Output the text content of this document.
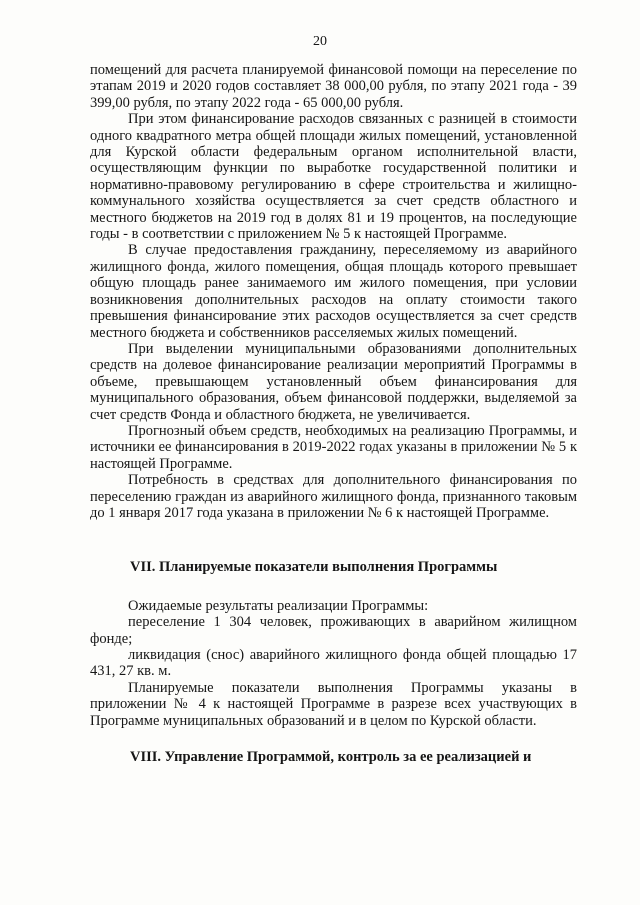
20

помещений для расчета планируемой финансовой помощи на переселение по этапам 2019 и 2020 годов составляет 38 000,00 рубля, по этапу 2021 года - 39 399,00 рубля, по этапу 2022 года - 65 000,00 рубля.

При этом финансирование расходов связанных с разницей в стоимости одного квадратного метра общей площади жилых помещений, установленной для Курской области федеральным органом исполнительной власти, осуществляющим функции по выработке государственной политики и нормативно-правовому регулированию в сфере строительства и жилищно-коммунального хозяйства осуществляется за счет средств областного и местного бюджетов на 2019 год в долях 81 и 19 процентов, на последующие годы - в соответствии с приложением № 5 к настоящей Программе.

В случае предоставления гражданину, переселяемому из аварийного жилищного фонда, жилого помещения, общая площадь которого превышает общую площадь ранее занимаемого им жилого помещения, при условии возникновения дополнительных расходов на оплату стоимости такого превышения финансирование этих расходов осуществляется за счет средств местного бюджета и собственников расселяемых жилых помещений.

При выделении муниципальными образованиями дополнительных средств на долевое финансирование реализации мероприятий Программы в объеме, превышающем установленный объем финансирования для муниципального образования, объем финансовой поддержки, выделяемой за счет средств Фонда и областного бюджета, не увеличивается.

Прогнозный объем средств, необходимых на реализацию Программы, и источники ее финансирования в 2019-2022 годах указаны в приложении № 5 к настоящей Программе.

Потребность в средствах для дополнительного финансирования по переселению граждан из аварийного жилищного фонда, признанного таковым до 1 января 2017 года указана в приложении № 6 к настоящей Программе.

VII. Планируемые показатели выполнения Программы

Ожидаемые результаты реализации Программы:

переселение 1 304 человек, проживающих в аварийном жилищном фонде;

ликвидация (снос) аварийного жилищного фонда общей площадью 17 431, 27 кв. м.

Планируемые показатели выполнения Программы указаны в приложении № 4 к настоящей Программе в разрезе всех участвующих в Программе муниципальных образований и в целом по Курской области.

VIII. Управление Программой, контроль за ее реализацией и
